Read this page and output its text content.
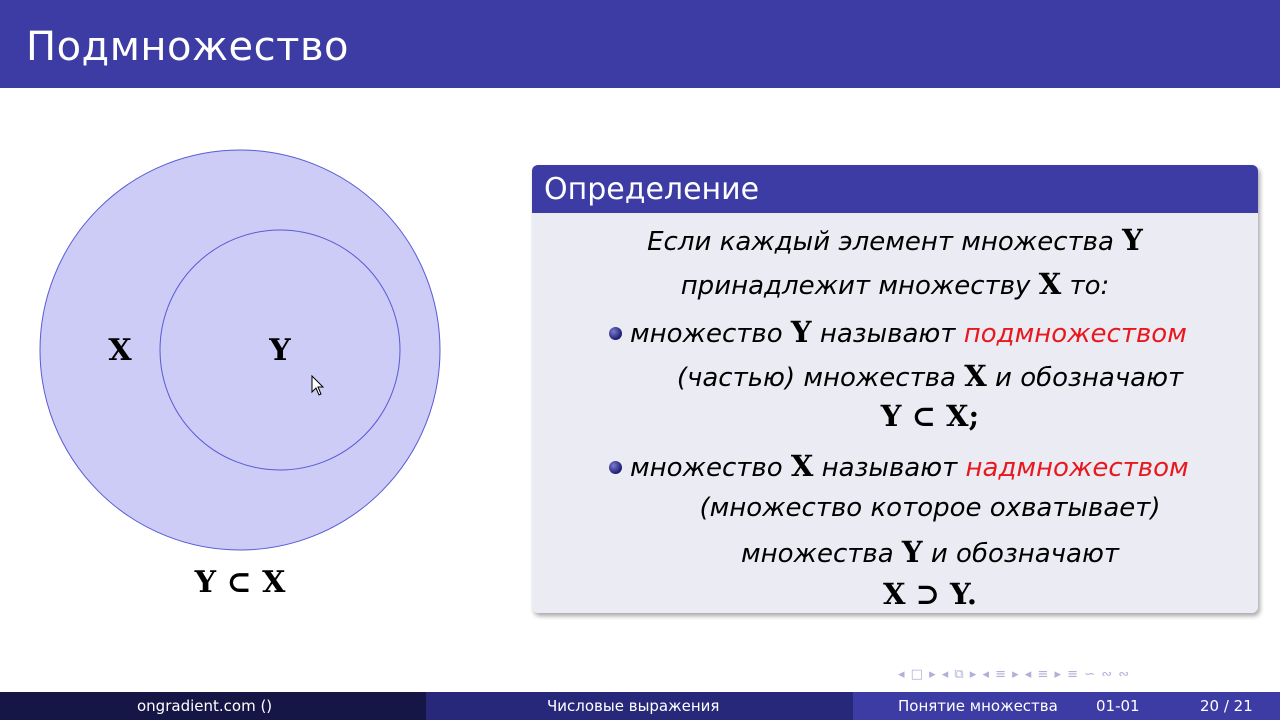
Подмножество
X	Y
Y ⊂ X
Определение
Если каждый элемент множества Y
принадлежит множеству X то:
множество Y называют подмножеством
(частью) множества X и обозначают
Y ⊂ X;
множество X называют надмножеством
(множество которое охватывает)
множества Y и обозначают
X ⊃ Y.
◂ □ ▸ ◂ ⧉ ▸ ◂ ≡ ▸ ◂ ≡ ▸ ≡ ∽ ∾ ∾
ongradient.com ()	Числовые выражения	Понятие множества	01-01	20 / 21
